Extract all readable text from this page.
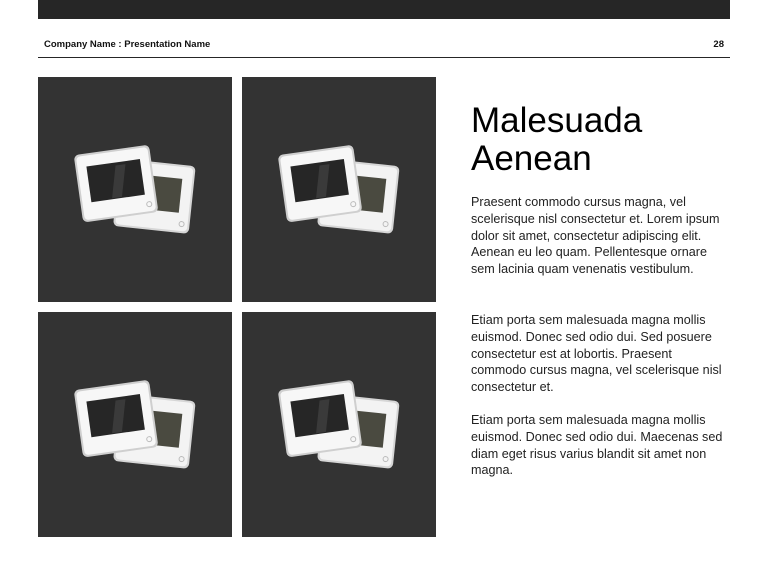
Company Name : Presentation Name	28
Malesuada Aenean

Praesent commodo cursus magna, vel scelerisque nisl consectetur et. Lorem ipsum dolor sit amet, consectetur adipiscing elit. Aenean eu leo quam. Pellentesque ornare sem lacinia quam venenatis vestibulum.

Etiam porta sem malesuada magna mollis euismod. Donec sed odio dui. Sed posuere consectetur est at lobortis. Praesent commodo cursus magna, vel scelerisque nisl consectetur et.

Etiam porta sem malesuada magna mollis euismod. Donec sed odio dui. Maecenas sed diam eget risus varius blandit sit amet non magna.
